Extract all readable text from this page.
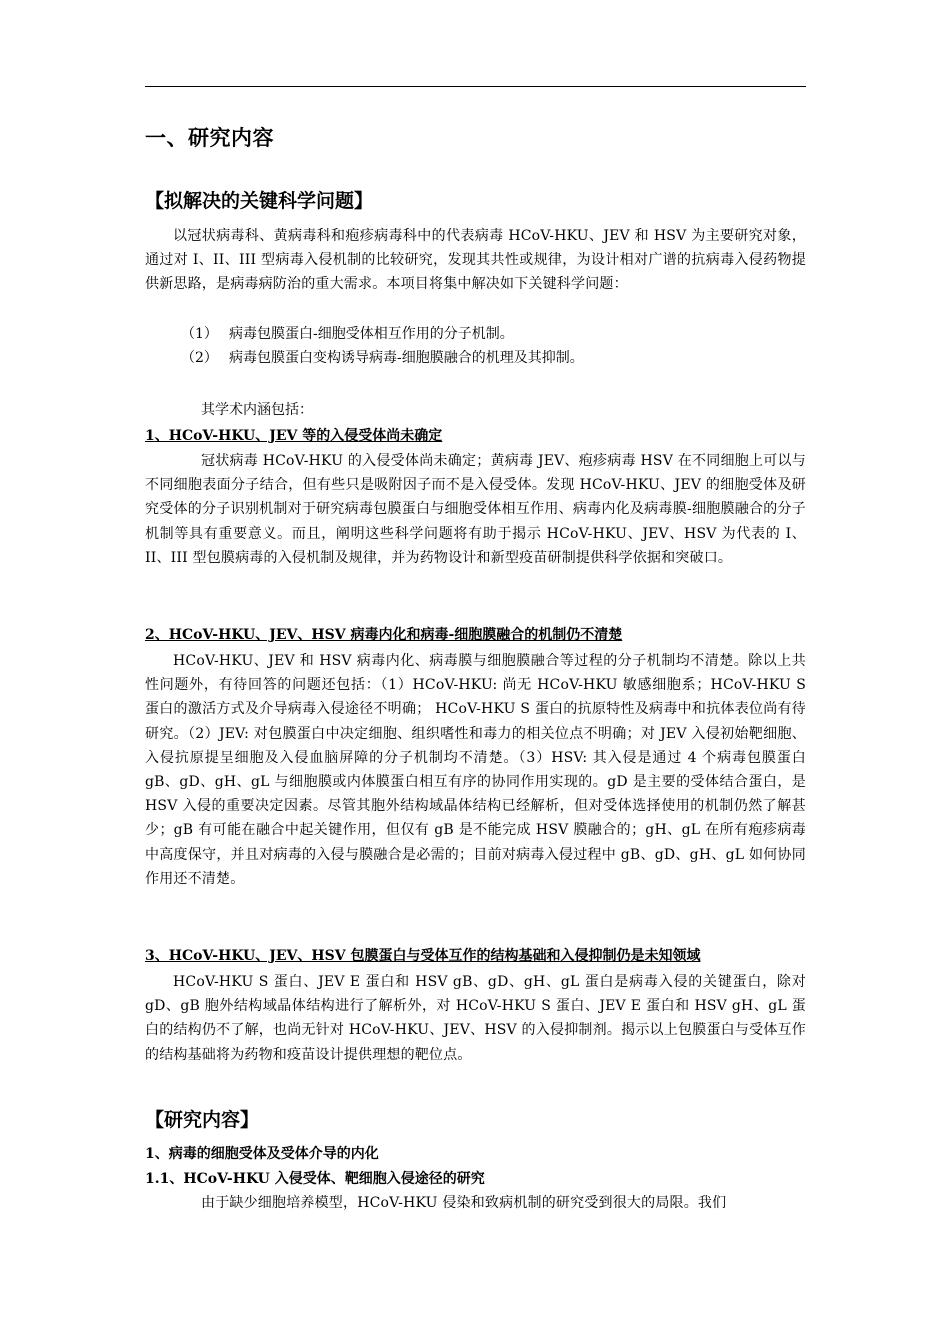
一、研究内容
【拟解决的关键科学问题】
以冠状病毒科、黄病毒科和疱疹病毒科中的代表病毒 HCoV-HKU、JEV 和 HSV 为主要研究对象，通过对 I、II、III 型病毒入侵机制的比较研究，发现其共性或规律，为设计相对广谱的抗病毒入侵药物提供新思路，是病毒病防治的重大需求。本项目将集中解决如下关键科学问题：
（1） 病毒包膜蛋白-细胞受体相互作用的分子机制。
（2） 病毒包膜蛋白变构诱导病毒-细胞膜融合的机理及其抑制。
其学术内涵包括：
1、HCoV-HKU、JEV 等的入侵受体尚未确定
冠状病毒 HCoV-HKU 的入侵受体尚未确定；黄病毒 JEV、疱疹病毒 HSV 在不同细胞上可以与不同细胞表面分子结合，但有些只是吸附因子而不是入侵受体。发现 HCoV-HKU、JEV 的细胞受体及研究受体的分子识别机制对于研究病毒包膜蛋白与细胞受体相互作用、病毒内化及病毒膜-细胞膜融合的分子机制等具有重要意义。而且，阐明这些科学问题将有助于揭示 HCoV-HKU、JEV、HSV 为代表的 I、II、III 型包膜病毒的入侵机制及规律，并为药物设计和新型疫苗研制提供科学依据和突破口。
2、HCoV-HKU、JEV、HSV 病毒内化和病毒-细胞膜融合的机制仍不清楚
HCoV-HKU、JEV 和 HSV 病毒内化、病毒膜与细胞膜融合等过程的分子机制均不清楚。除以上共性问题外，有待回答的问题还包括：（1）HCoV-HKU: 尚无 HCoV-HKU 敏感细胞系；HCoV-HKU S 蛋白的激活方式及介导病毒入侵途径不明确； HCoV-HKU S 蛋白的抗原特性及病毒中和抗体表位尚有待研究。（2）JEV: 对包膜蛋白中决定细胞、组织嗜性和毒力的相关位点不明确；对 JEV 入侵初始靶细胞、入侵抗原提呈细胞及入侵血脑屏障的分子机制均不清楚。（3）HSV: 其入侵是通过 4 个病毒包膜蛋白 gB、gD、gH、gL 与细胞膜或内体膜蛋白相互有序的协同作用实现的。gD 是主要的受体结合蛋白，是 HSV 入侵的重要决定因素。尽管其胞外结构域晶体结构已经解析，但对受体选择使用的机制仍然了解甚少；gB 有可能在融合中起关键作用，但仅有 gB 是不能完成 HSV 膜融合的；gH、gL 在所有疱疹病毒中高度保守，并且对病毒的入侵与膜融合是必需的；目前对病毒入侵过程中 gB、gD、gH、gL 如何协同作用还不清楚。
3、HCoV-HKU、JEV、HSV 包膜蛋白与受体互作的结构基础和入侵抑制仍是未知领域
HCoV-HKU S 蛋白、JEV E 蛋白和 HSV gB、gD、gH、gL 蛋白是病毒入侵的关键蛋白，除对 gD、gB 胞外结构域晶体结构进行了解析外，对 HCoV-HKU S 蛋白、JEV E 蛋白和 HSV gH、gL 蛋白的结构仍不了解，也尚无针对 HCoV-HKU、JEV、HSV 的入侵抑制剂。揭示以上包膜蛋白与受体互作的结构基础将为药物和疫苗设计提供理想的靶位点。
【研究内容】
1、病毒的细胞受体及受体介导的内化
1.1、HCoV-HKU 入侵受体、靶细胞入侵途径的研究
由于缺少细胞培养模型，HCoV-HKU 侵染和致病机制的研究受到很大的局限。我们
